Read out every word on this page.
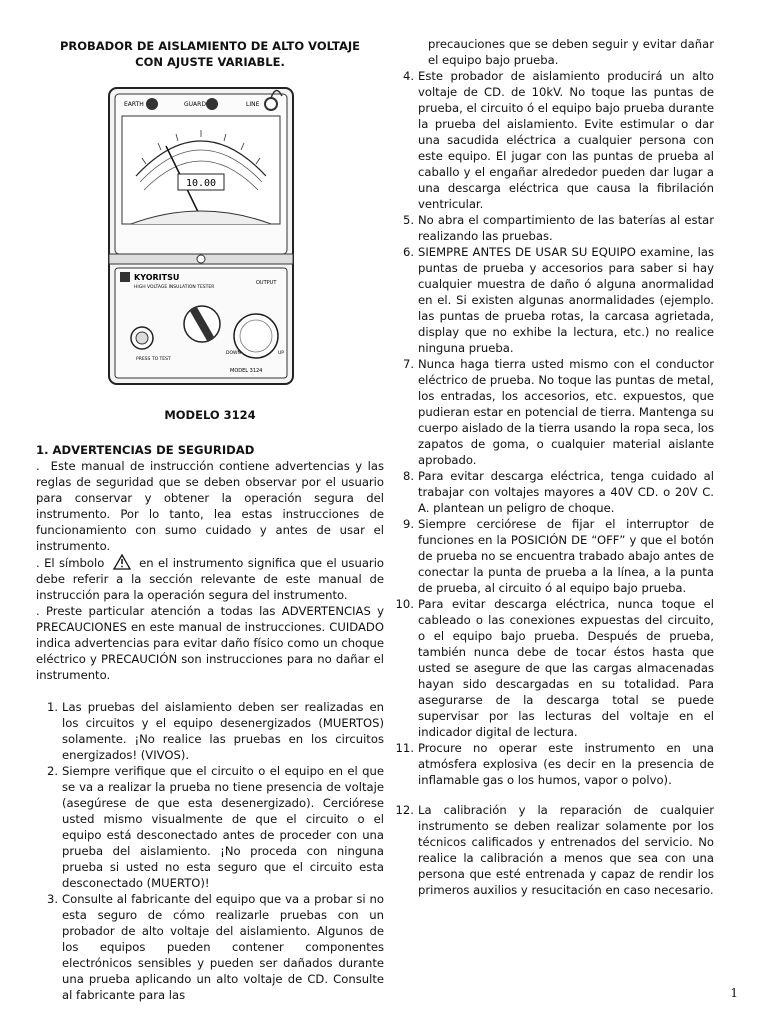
PROBADOR DE AISLAMIENTO DE ALTO VOLTAJE CON AJUSTE VARIABLE.

EARTH	GUARD	LINE
10.00
KYORITSU
HIGH VOLTAGE INSULATION TESTER
OUTPUT
PRESS TO TEST
DOWN	UP
MODEL 3124

MODELO 3124

1. ADVERTENCIAS DE SEGURIDAD

.  Este manual de instrucción contiene advertencias y las reglas de seguridad que se deben observar por el usuario para conservar y obtener la operación segura del instrumento. Por lo tanto, lea estas instrucciones de funcionamiento con sumo cuidado y antes de usar el instrumento.

. El símbolo	en el instrumento significa que el usuario debe referir a la sección relevante de este manual de instrucción para la operación segura del instrumento.

. Preste particular atención a todas las ADVERTENCIAS y PRECAUCIONES en este manual de instrucciones. CUIDADO indica advertencias para evitar daño físico como un choque eléctrico y PRECAUCIÓN son instrucciones para no dañar el instrumento.

1. Las pruebas del aislamiento deben ser realizadas en los circuitos y el equipo desenergizados (MUERTOS) solamente. ¡No realice las pruebas en los circuitos energizados! (VIVOS).
2. Siempre verifique que el circuito o el equipo en el que se va a realizar la prueba no tiene presencia de voltaje (asegúrese de que esta desenergizado). Cerciórese usted mismo visualmente de que el circuito o el equipo está desconectado antes de proceder con una prueba del aislamiento. ¡No proceda con ninguna prueba si usted no esta seguro que el circuito esta desconectado (MUERTO)!
3. Consulte al fabricante del equipo que va a probar si no esta seguro de cómo realizarle pruebas con un probador de alto voltaje del aislamiento. Algunos de los equipos pueden contener componentes electrónicos sensibles y pueden ser dañados durante una prueba aplicando un alto voltaje de CD. Consulte al fabricante para las

precauciones que se deben seguir y evitar dañar el equipo bajo prueba.

4. Este probador de aislamiento producirá un alto voltaje de CD. de 10kV. No toque las puntas de prueba, el circuito ó el equipo bajo prueba durante la prueba del aislamiento. Evite estimular o dar una sacudida eléctrica a cualquier persona con este equipo. El jugar con las puntas de prueba al caballo y el engañar alrededor pueden dar lugar a una descarga eléctrica que causa la fibrilación ventricular.
5. No abra el compartimiento de las baterías al estar realizando las pruebas.
6. SIEMPRE ANTES DE USAR SU EQUIPO examine, las puntas de prueba y accesorios para saber si hay cualquier muestra de daño ó alguna anormalidad en el. Si existen algunas anormalidades (ejemplo. las puntas de prueba rotas, la carcasa agrietada, display que no exhibe la lectura, etc.) no realice ninguna prueba.
7. Nunca haga tierra usted mismo con el conductor eléctrico de prueba. No toque las puntas de metal, los entradas, los accesorios, etc. expuestos, que pudieran estar en potencial de tierra. Mantenga su cuerpo aislado de la tierra usando la ropa seca, los zapatos de goma, o cualquier material aislante aprobado.
8. Para evitar descarga eléctrica, tenga cuidado al trabajar con voltajes mayores a 40V CD. o 20V C. A. plantean un peligro de choque.
9. Siempre cerciórese de fijar el interruptor de funciones en la POSICIÓN DE “OFF” y que el botón de prueba no se encuentra trabado abajo antes de conectar la punta de prueba a la línea, a la punta de prueba, al circuito ó al equipo bajo prueba.
10. Para evitar descarga eléctrica, nunca toque el cableado o las conexiones expuestas del circuito, o el equipo bajo prueba. Después de prueba, también nunca debe de tocar éstos hasta que usted se asegure de que las cargas almacenadas hayan sido descargadas en su totalidad. Para asegurarse de la descarga total se puede supervisar por las lecturas del voltaje en el indicador digital de lectura.
11. Procure no operar este instrumento en una atmósfera explosiva (es decir en la presencia de inflamable gas o los humos, vapor o polvo).
12. La calibración y la reparación de cualquier instrumento se deben realizar solamente por los técnicos calificados y entrenados del servicio. No realice la calibración a menos que sea con una persona que esté entrenada y capaz de rendir los primeros auxilios y resucitación en caso necesario.
1
